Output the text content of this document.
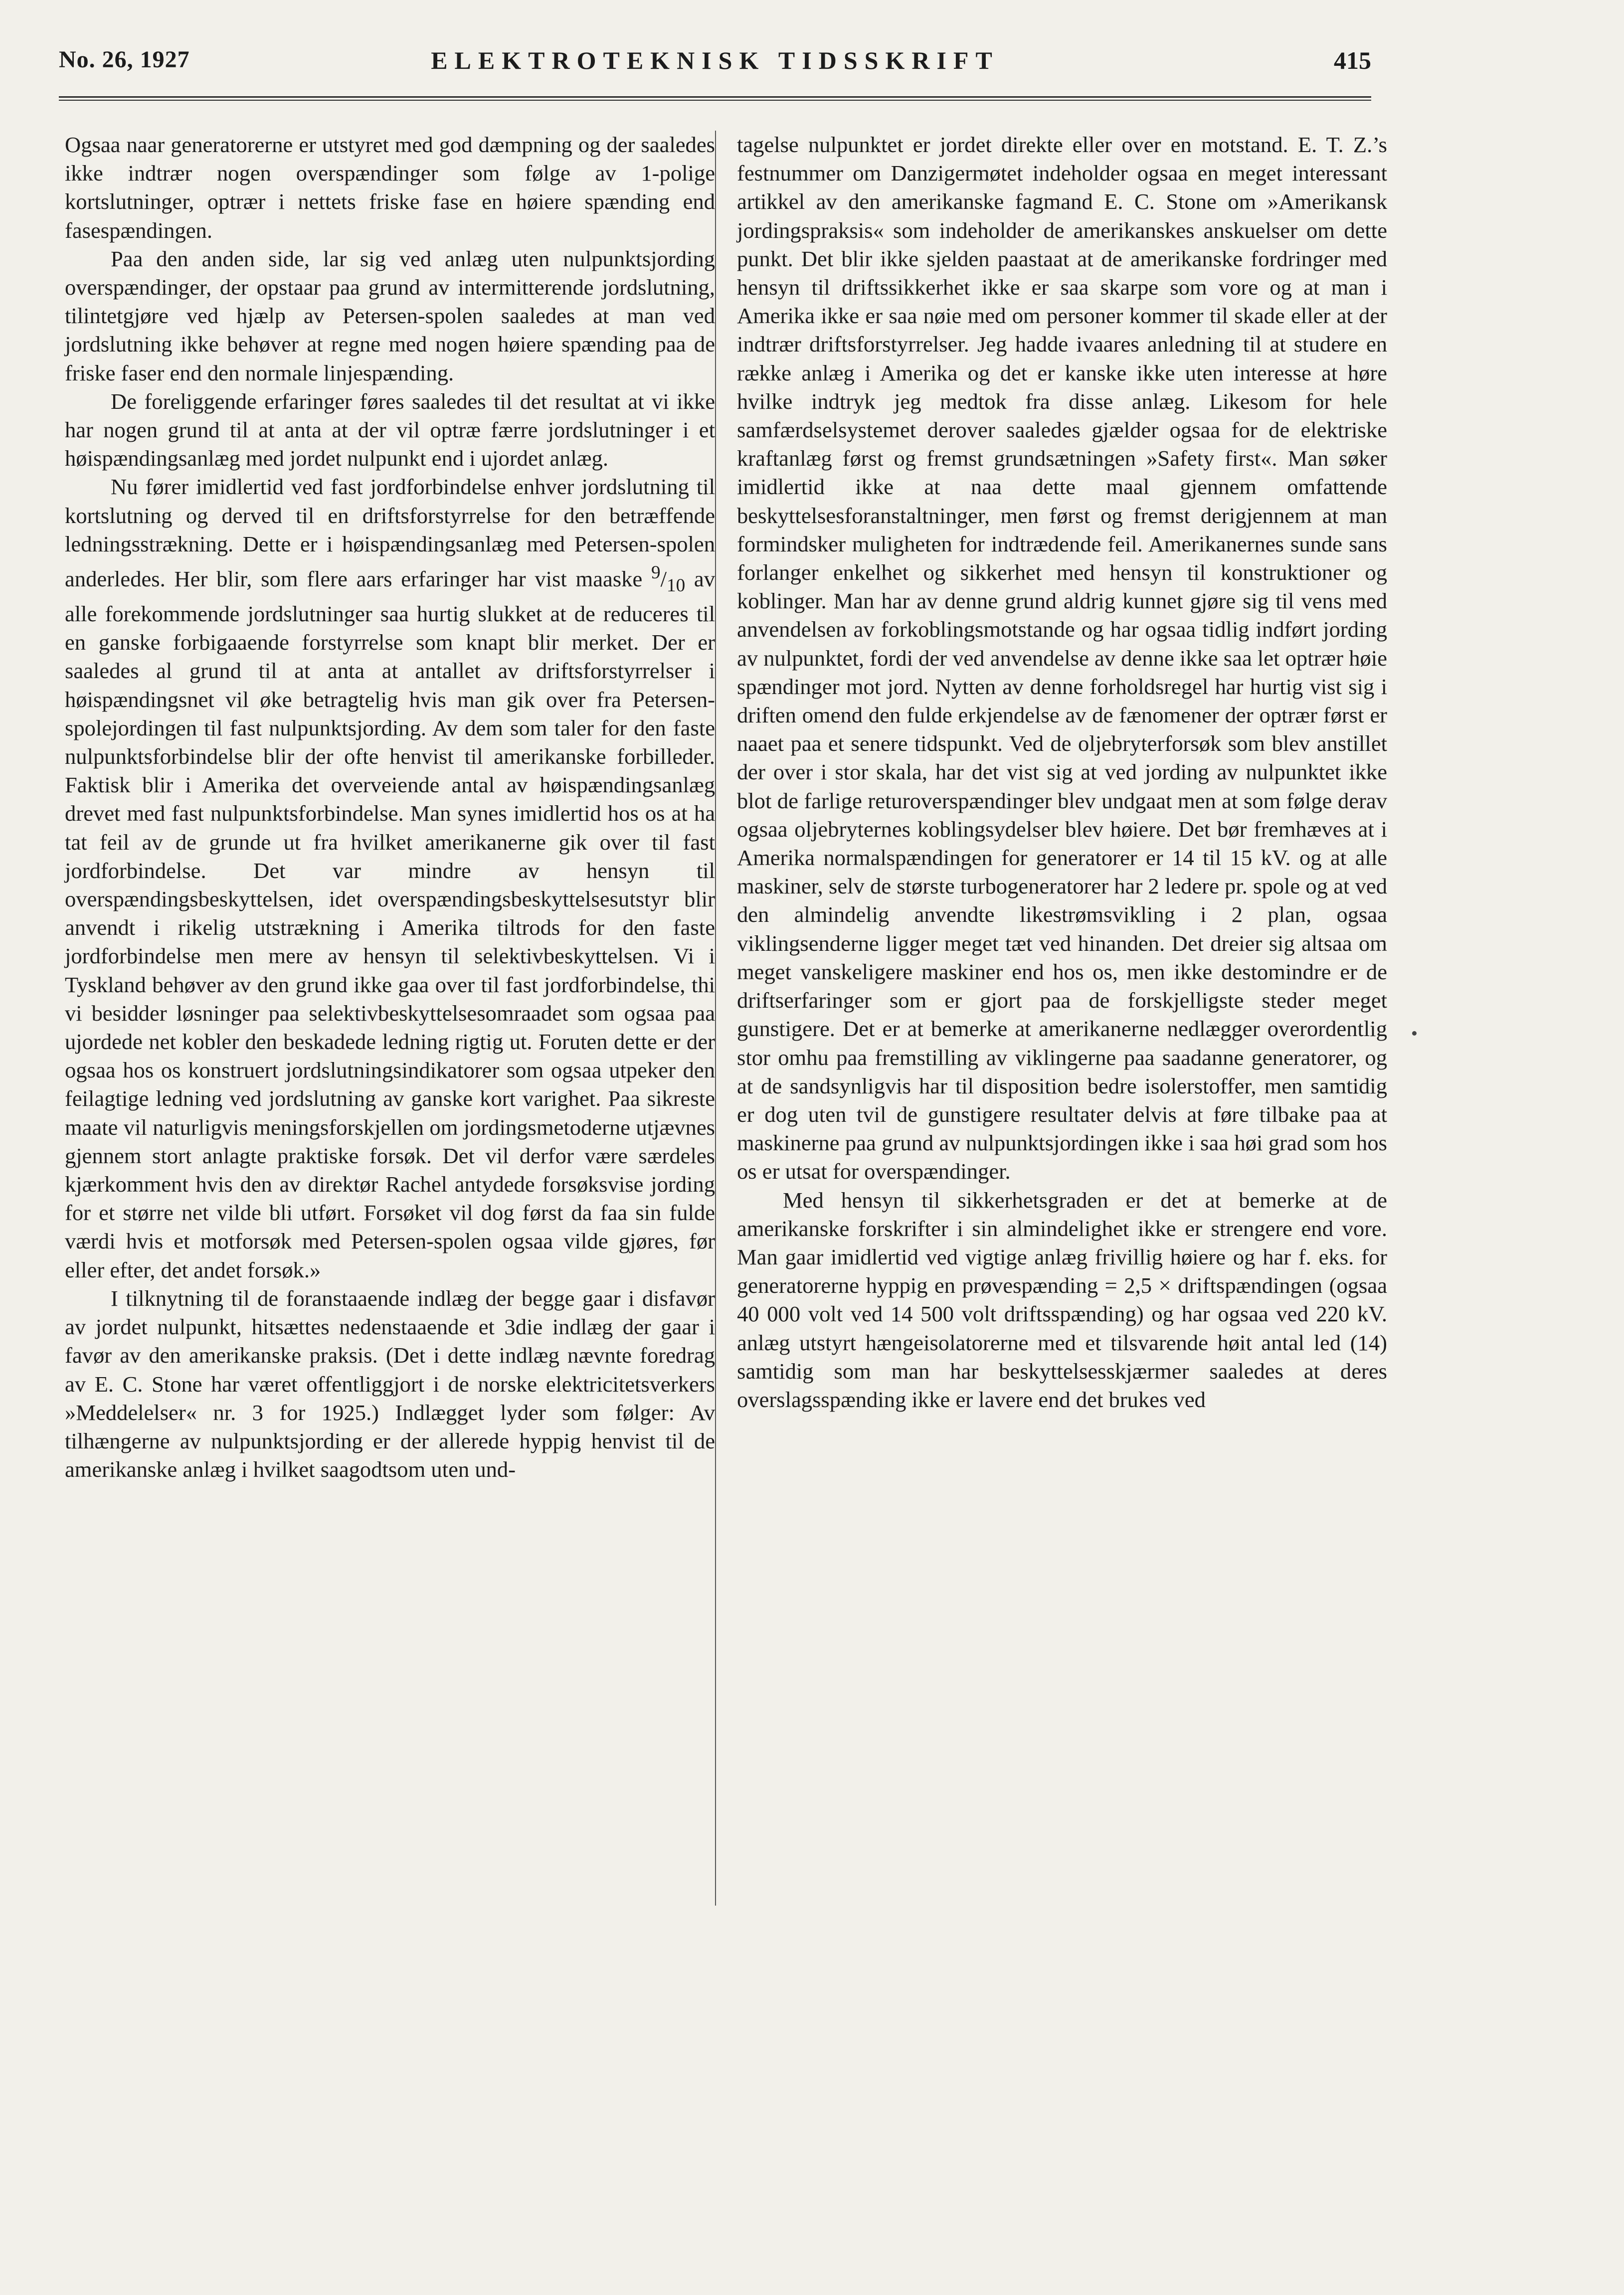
No. 26, 1927	ELEKTROTEKNISK TIDSSKRIFT	415

Ogsaa naar generatorerne er utstyret med god dæmpning og der saaledes ikke indtrær nogen overspændinger som følge av 1-polige kortslutninger, optrær i nettets friske fase en høiere spænding end fasespændingen.

Paa den anden side, lar sig ved anlæg uten nulpunktsjording overspændinger, der opstaar paa grund av intermitterende jordslutning, tilintetgjøre ved hjælp av Petersen-spolen saaledes at man ved jordslutning ikke behøver at regne med nogen høiere spænding paa de friske faser end den normale linjespænding.

De foreliggende erfaringer føres saaledes til det resultat at vi ikke har nogen grund til at anta at der vil optræ færre jordslutninger i et høispændingsanlæg med jordet nulpunkt end i ujordet anlæg.

Nu fører imidlertid ved fast jordforbindelse enhver jordslutning til kortslutning og derved til en driftsforstyrrelse for den betræffende ledningsstrækning. Dette er i høispændingsanlæg med Petersen-spolen anderledes. Her blir, som flere aars erfaringer har vist maaske $^9/_{10}$ av alle forekommende jordslutninger saa hurtig slukket at de reduceres til en ganske forbigaaende forstyrrelse som knapt blir merket. Der er saaledes al grund til at anta at antallet av driftsforstyrrelser i høispændingsnet vil øke betragtelig hvis man gik over fra Petersen-spolejordingen til fast nulpunktsjording. Av dem som taler for den faste nulpunktsforbindelse blir der ofte henvist til amerikanske forbilleder. Faktisk blir i Amerika det overveiende antal av høispændingsanlæg drevet med fast nulpunktsforbindelse. Man synes imidlertid hos os at ha tat feil av de grunde ut fra hvilket amerikanerne gik over til fast jordforbindelse. Det var mindre av hensyn til overspændingsbeskyttelsen, idet overspændingsbeskyttelsesutstyr blir anvendt i rikelig utstrækning i Amerika tiltrods for den faste jordforbindelse men mere av hensyn til selektivbeskyttelsen. Vi i Tyskland behøver av den grund ikke gaa over til fast jordforbindelse, thi vi besidder løsninger paa selektivbeskyttelsesomraadet som ogsaa paa ujordede net kobler den beskadede ledning rigtig ut. Foruten dette er der ogsaa hos os konstruert jordslutningsindikatorer som ogsaa utpeker den feilagtige ledning ved jordslutning av ganske kort varighet. Paa sikreste maate vil naturligvis meningsforskjellen om jordingsmetoderne utjævnes gjennem stort anlagte praktiske forsøk. Det vil derfor være særdeles kjærkomment hvis den av direktør Rachel antydede forsøksvise jording for et større net vilde bli utført. Forsøket vil dog først da faa sin fulde værdi hvis et motforsøk med Petersen-spolen ogsaa vilde gjøres, før eller efter, det andet forsøk.»

I tilknytning til de foranstaaende indlæg der begge gaar i disfavør av jordet nulpunkt, hitsættes nedenstaaende et 3die indlæg der gaar i favør av den amerikanske praksis. (Det i dette indlæg nævnte foredrag av E. C. Stone har været offentliggjort i de norske elektricitetsverkers »Meddelelser« nr. 3 for 1925.) Indlægget lyder som følger: Av tilhængerne av nulpunktsjording er der allerede hyppig henvist til de amerikanske anlæg i hvilket saagodtsom uten und-

tagelse nulpunktet er jordet direkte eller over en motstand. E. T. Z.’s festnummer om Danzigermøtet indeholder ogsaa en meget interessant artikkel av den amerikanske fagmand E. C. Stone om »Amerikansk jordingspraksis« som indeholder de amerikanskes anskuelser om dette punkt. Det blir ikke sjelden paastaat at de amerikanske fordringer med hensyn til driftssikkerhet ikke er saa skarpe som vore og at man i Amerika ikke er saa nøie med om personer kommer til skade eller at der indtrær driftsforstyrrelser. Jeg hadde ivaares anledning til at studere en række anlæg i Amerika og det er kanske ikke uten interesse at høre hvilke indtryk jeg medtok fra disse anlæg. Likesom for hele samfærdselsystemet derover saaledes gjælder ogsaa for de elektriske kraftanlæg først og fremst grundsætningen »Safety first«. Man søker imidlertid ikke at naa dette maal gjennem omfattende beskyttelsesforanstaltninger, men først og fremst derigjennem at man formindsker muligheten for indtrædende feil. Amerikanernes sunde sans forlanger enkelhet og sikkerhet med hensyn til konstruktioner og koblinger. Man har av denne grund aldrig kunnet gjøre sig til vens med anvendelsen av forkoblingsmotstande og har ogsaa tidlig indført jording av nulpunktet, fordi der ved anvendelse av denne ikke saa let optrær høie spændinger mot jord. Nytten av denne forholdsregel har hurtig vist sig i driften omend den fulde erkjendelse av de fænomener der optrær først er naaet paa et senere tidspunkt. Ved de oljebryterforsøk som blev anstillet der over i stor skala, har det vist sig at ved jording av nulpunktet ikke blot de farlige returoverspændinger blev undgaat men at som følge derav ogsaa oljebryternes koblingsydelser blev høiere. Det bør fremhæves at i Amerika normalspændingen for generatorer er 14 til 15 kV. og at alle maskiner, selv de største turbogeneratorer har 2 ledere pr. spole og at ved den almindelig anvendte likestrømsvikling i 2 plan, ogsaa viklingsenderne ligger meget tæt ved hinanden. Det dreier sig altsaa om meget vanskeligere maskiner end hos os, men ikke destomindre er de driftserfaringer som er gjort paa de forskjelligste steder meget gunstigere. Det er at bemerke at amerikanerne nedlægger overordentlig stor omhu paa fremstilling av viklingerne paa saadanne generatorer, og at de sandsynligvis har til disposition bedre isolerstoffer, men samtidig er dog uten tvil de gunstigere resultater delvis at føre tilbake paa at maskinerne paa grund av nulpunktsjordingen ikke i saa høi grad som hos os er utsat for overspændinger.

Med hensyn til sikkerhetsgraden er det at bemerke at de amerikanske forskrifter i sin almindelighet ikke er strengere end vore. Man gaar imidlertid ved vigtige anlæg frivillig høiere og har f. eks. for generatorerne hyppig en prøvespænding = 2,5 × driftspændingen (ogsaa 40 000 volt ved 14 500 volt driftsspænding) og har ogsaa ved 220 kV. anlæg utstyrt hængeisolatorerne med et tilsvarende høit antal led (14) samtidig som man har beskyttelsesskjærmer saaledes at deres overslagsspænding ikke er lavere end det brukes ved
